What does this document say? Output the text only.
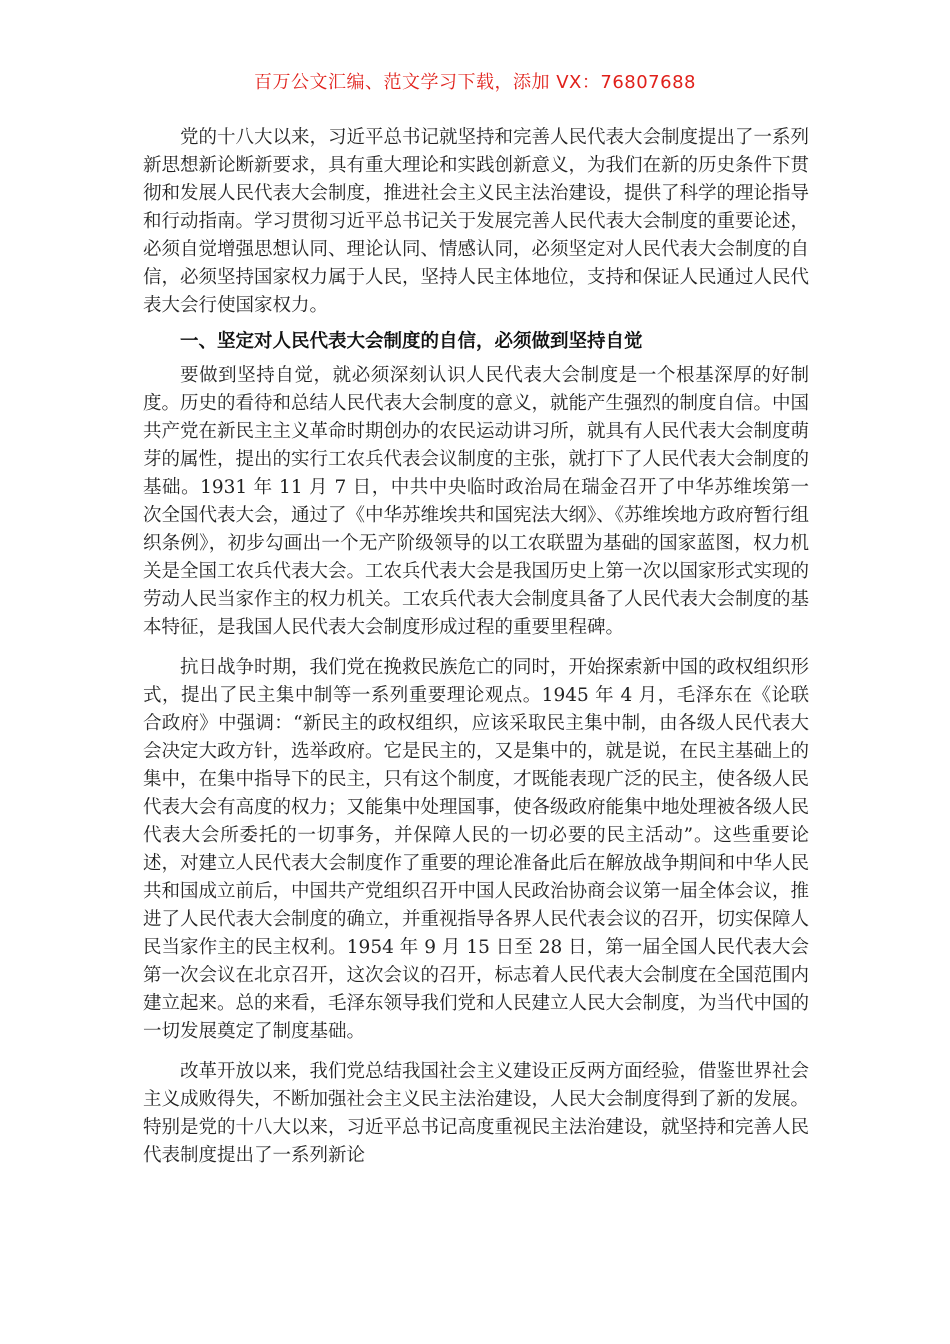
百万公文汇编、范文学习下载，添加 VX：76807688

党的十八大以来，习近平总书记就坚持和完善人民代表大会制度提出了一系列新思想新论断新要求，具有重大理论和实践创新意义，为我们在新的历史条件下贯彻和发展人民代表大会制度，推进社会主义民主法治建设，提供了科学的理论指导和行动指南。学习贯彻习近平总书记关于发展完善人民代表大会制度的重要论述，必须自觉增强思想认同、理论认同、情感认同，必须坚定对人民代表大会制度的自信，必须坚持国家权力属于人民，坚持人民主体地位，支持和保证人民通过人民代表大会行使国家权力。

一、坚定对人民代表大会制度的自信，必须做到坚持自觉

要做到坚持自觉，就必须深刻认识人民代表大会制度是一个根基深厚的好制度。历史的看待和总结人民代表大会制度的意义，就能产生强烈的制度自信。中国共产党在新民主主义革命时期创办的农民运动讲习所，就具有人民代表大会制度萌芽的属性，提出的实行工农兵代表会议制度的主张，就打下了人民代表大会制度的基础。1931 年 11 月 7 日，中共中央临时政治局在瑞金召开了中华苏维埃第一次全国代表大会，通过了《中华苏维埃共和国宪法大纲》、《苏维埃地方政府暂行组织条例》，初步勾画出一个无产阶级领导的以工农联盟为基础的国家蓝图，权力机关是全国工农兵代表大会。工农兵代表大会是我国历史上第一次以国家形式实现的劳动人民当家作主的权力机关。工农兵代表大会制度具备了人民代表大会制度的基本特征，是我国人民代表大会制度形成过程的重要里程碑。

抗日战争时期，我们党在挽救民族危亡的同时，开始探索新中国的政权组织形式，提出了民主集中制等一系列重要理论观点。1945 年 4 月，毛泽东在《论联合政府》中强调：“新民主的政权组织，应该采取民主集中制，由各级人民代表大会决定大政方针，选举政府。它是民主的，又是集中的，就是说，在民主基础上的集中，在集中指导下的民主，只有这个制度，才既能表现广泛的民主，使各级人民代表大会有高度的权力；又能集中处理国事，使各级政府能集中地处理被各级人民代表大会所委托的一切事务，并保障人民的一切必要的民主活动”。这些重要论述，对建立人民代表大会制度作了重要的理论准备此后在解放战争期间和中华人民共和国成立前后，中国共产党组织召开中国人民政治协商会议第一届全体会议，推进了人民代表大会制度的确立，并重视指导各界人民代表会议的召开，切实保障人民当家作主的民主权利。1954 年 9 月 15 日至 28 日，第一届全国人民代表大会第一次会议在北京召开，这次会议的召开，标志着人民代表大会制度在全国范围内建立起来。总的来看，毛泽东领导我们党和人民建立人民大会制度，为当代中国的一切发展奠定了制度基础。

改革开放以来，我们党总结我国社会主义建设正反两方面经验，借鉴世界社会主义成败得失，不断加强社会主义民主法治建设，人民大会制度得到了新的发展。特别是党的十八大以来，习近平总书记高度重视民主法治建设，就坚持和完善人民代表制度提出了一系列新论
